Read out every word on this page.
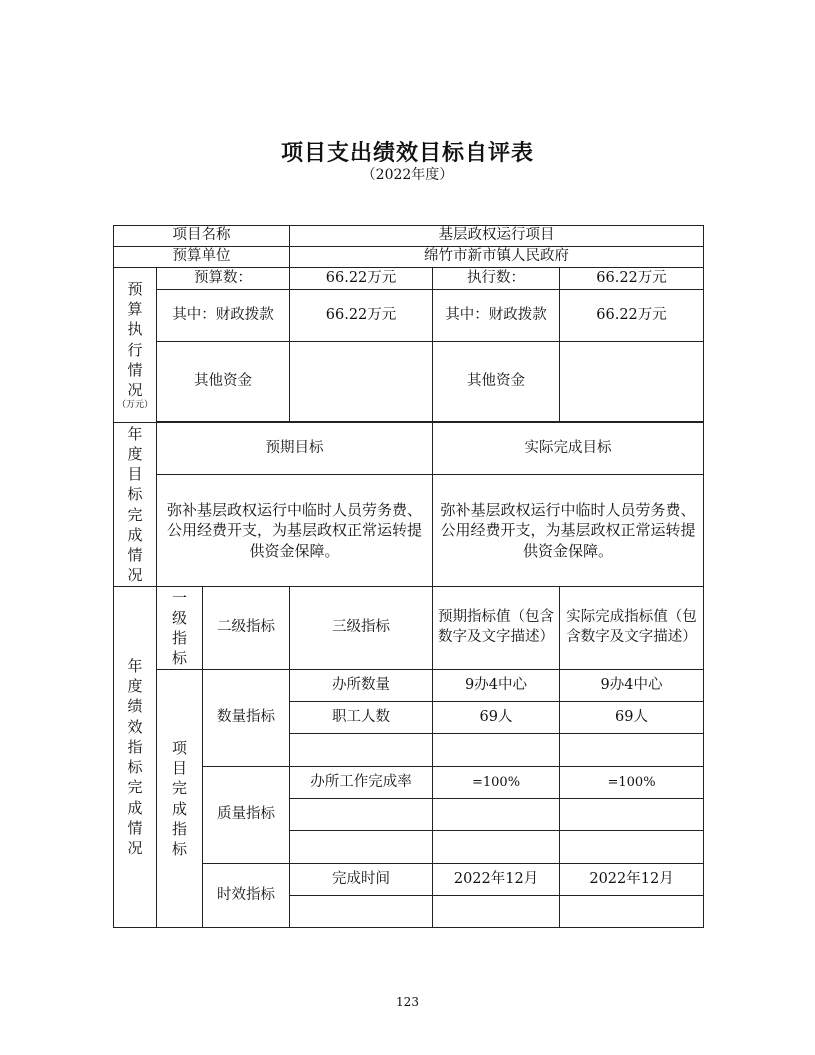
项目支出绩效目标自评表
（2022年度）
项目名称			基层政权运行项目		
预算单位			绵竹市新市镇人民政府		

预算执行情况
（万元）	预算数：		66.22万元	执行数：	66.22万元
	其中：财政拨款		66.22万元	其中：财政拨款	66.22万元
	其他资金			其他资金	

年度目标完成情况	预期目标			实际完成目标	
	弥补基层政权运行中临时人员劳务费、公用经费开支，为基层政权正常运转提供资金保障。			弥补基层政权运行中临时人员劳务费、公用经费开支，为基层政权正常运转提供资金保障。	

年度绩效指标完成情况	一级指标	二级指标	三级指标	预期指标值（包含数字及文字描述）	实际完成指标值（包含数字及文字描述）

	项目完成指标	数量指标	办所数量	9办4中心	9办4中心
			职工人数	69人	69人

		质量指标	办所工作完成率	=100%	=100%

		时效指标	完成时间	2022年12月	2022年12月

123
